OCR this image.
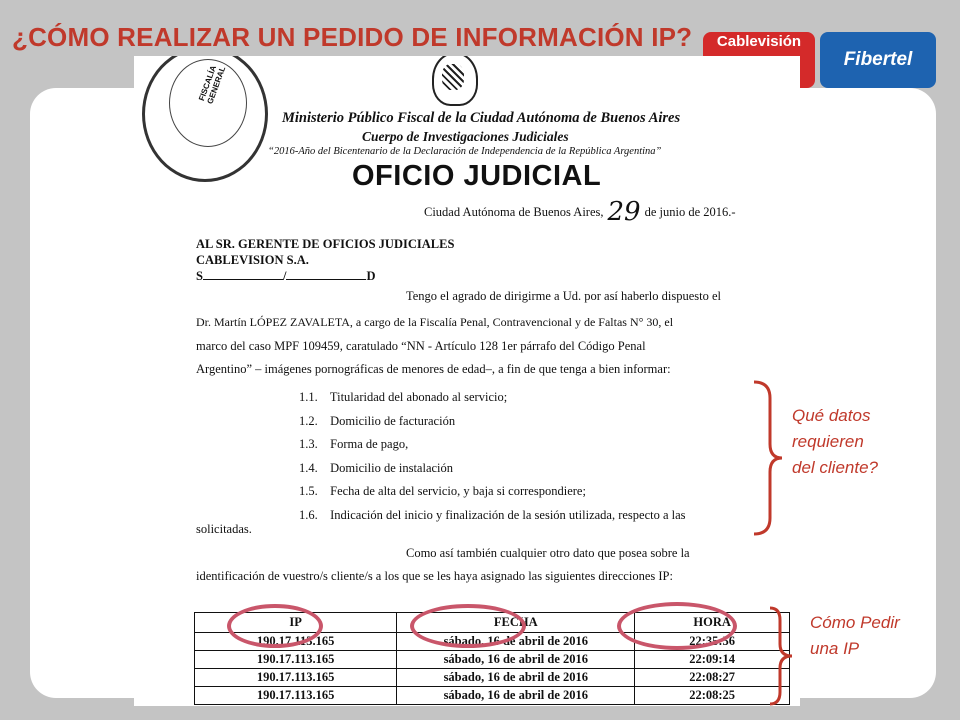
¿CÓMO REALIZAR UN PEDIDO DE INFORMACIÓN IP?	Cablevisión
Fibertel
FISCALÍA GENERAL
Ministerio Público Fiscal de la Ciudad Autónoma de Buenos Aires
Cuerpo de Investigaciones Judiciales
“2016-Año del Bicentenario de la Declaración de Independencia de la República Argentina”
OFICIO JUDICIAL
Ciudad Autónoma de Buenos Aires, 29 de junio de 2016.-
AL SR. GERENTE DE OFICIOS JUDICIALES
CABLEVISION S.A.
S	/	D
Tengo el agrado de dirigirme a Ud. por así haberlo dispuesto el
Dr. Martín LÓPEZ ZAVALETA, a cargo de la Fiscalía Penal, Contravencional y de Faltas N° 30, el
marco del caso MPF 109459, caratulado “NN - Artículo 128 1er párrafo del Código Penal
Argentino” – imágenes pornográficas de menores de edad–, a fin de que tenga a bien informar:
1.1. Titularidad del abonado al servicio;
1.2. Domicilio de facturación
1.3. Forma de pago,
1.4. Domicilio de instalación
1.5. Fecha de alta del servicio, y baja si correspondiere;
1.6. Indicación del inicio y finalización de la sesión utilizada, respecto a las
solicitadas.
Como así también cualquier otro dato que posea sobre la
identificación de vuestro/s cliente/s a los que se les haya asignado las siguientes direcciones IP:
IP	FECHA	HORA
190.17.113.165	sábado, 16 de abril de 2016	22:35:56
190.17.113.165	sábado, 16 de abril de 2016	22:09:14
190.17.113.165	sábado, 16 de abril de 2016	22:08:27
190.17.113.165	sábado, 16 de abril de 2016	22:08:25
Qué datos
requieren
del cliente?
Cómo Pedir
una IP
